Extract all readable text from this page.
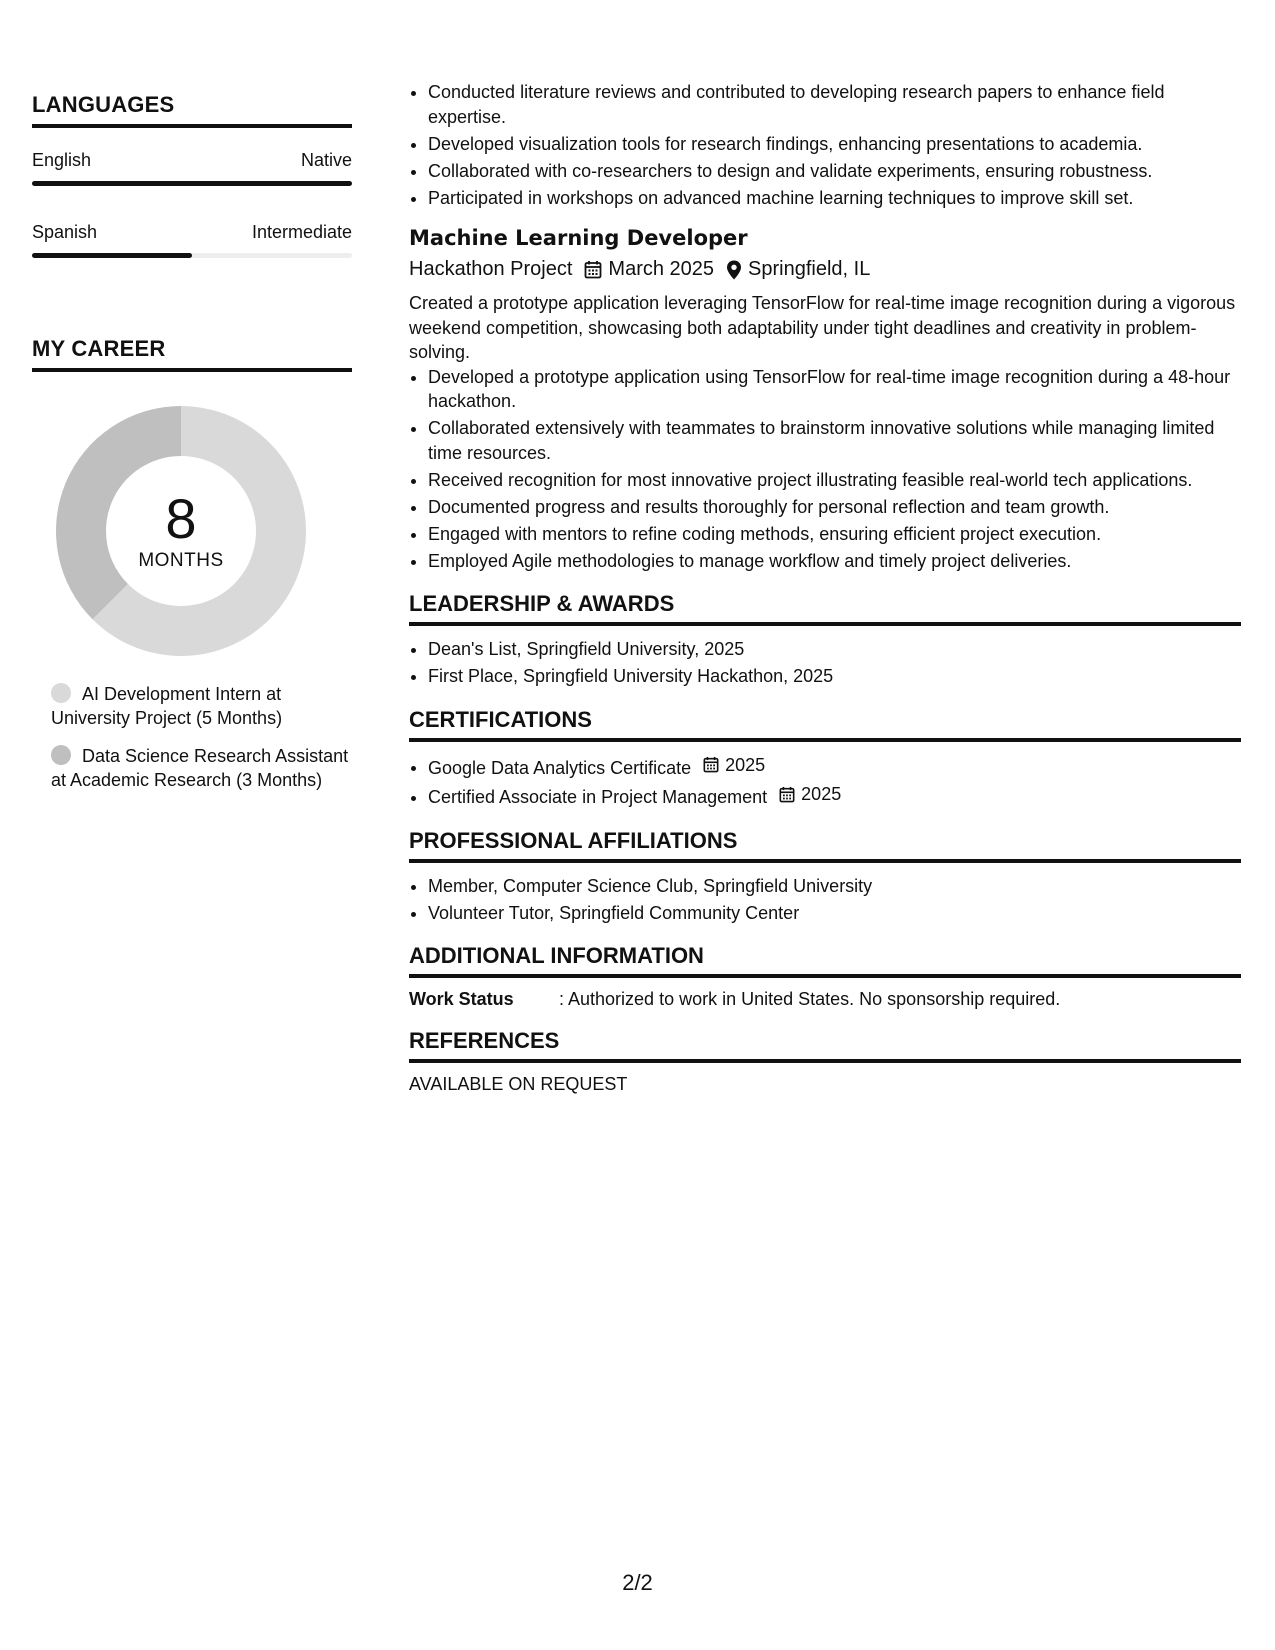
LANGUAGES
English	Native
Spanish	Intermediate
MY CAREER
8
MONTHS
AI Development Intern at University Project (5 Months)
Data Science Research Assistant at Academic Research (3 Months)
• Conducted literature reviews and contributed to developing research papers to enhance field expertise.
• Developed visualization tools for research findings, enhancing presentations to academia.
• Collaborated with co-researchers to design and validate experiments, ensuring robustness.
• Participated in workshops on advanced machine learning techniques to improve skill set.
Machine Learning Developer
Hackathon Project March 2025 Springfield, IL
Created a prototype application leveraging TensorFlow for real-time image recognition during a vigorous weekend competition, showcasing both adaptability under tight deadlines and creativity in problem-solving.
• Developed a prototype application using TensorFlow for real-time image recognition during a 48-hour hackathon.
• Collaborated extensively with teammates to brainstorm innovative solutions while managing limited time resources.
• Received recognition for most innovative project illustrating feasible real-world tech applications.
• Documented progress and results thoroughly for personal reflection and team growth.
• Engaged with mentors to refine coding methods, ensuring efficient project execution.
• Employed Agile methodologies to manage workflow and timely project deliveries.
LEADERSHIP & AWARDS
• Dean's List, Springfield University, 2025
• First Place, Springfield University Hackathon, 2025
CERTIFICATIONS
• Google Data Analytics Certificate 2025
• Certified Associate in Project Management 2025
PROFESSIONAL AFFILIATIONS
• Member, Computer Science Club, Springfield University
• Volunteer Tutor, Springfield Community Center
ADDITIONAL INFORMATION
Work Status	: Authorized to work in United States. No sponsorship required.
REFERENCES
AVAILABLE ON REQUEST
2/2
